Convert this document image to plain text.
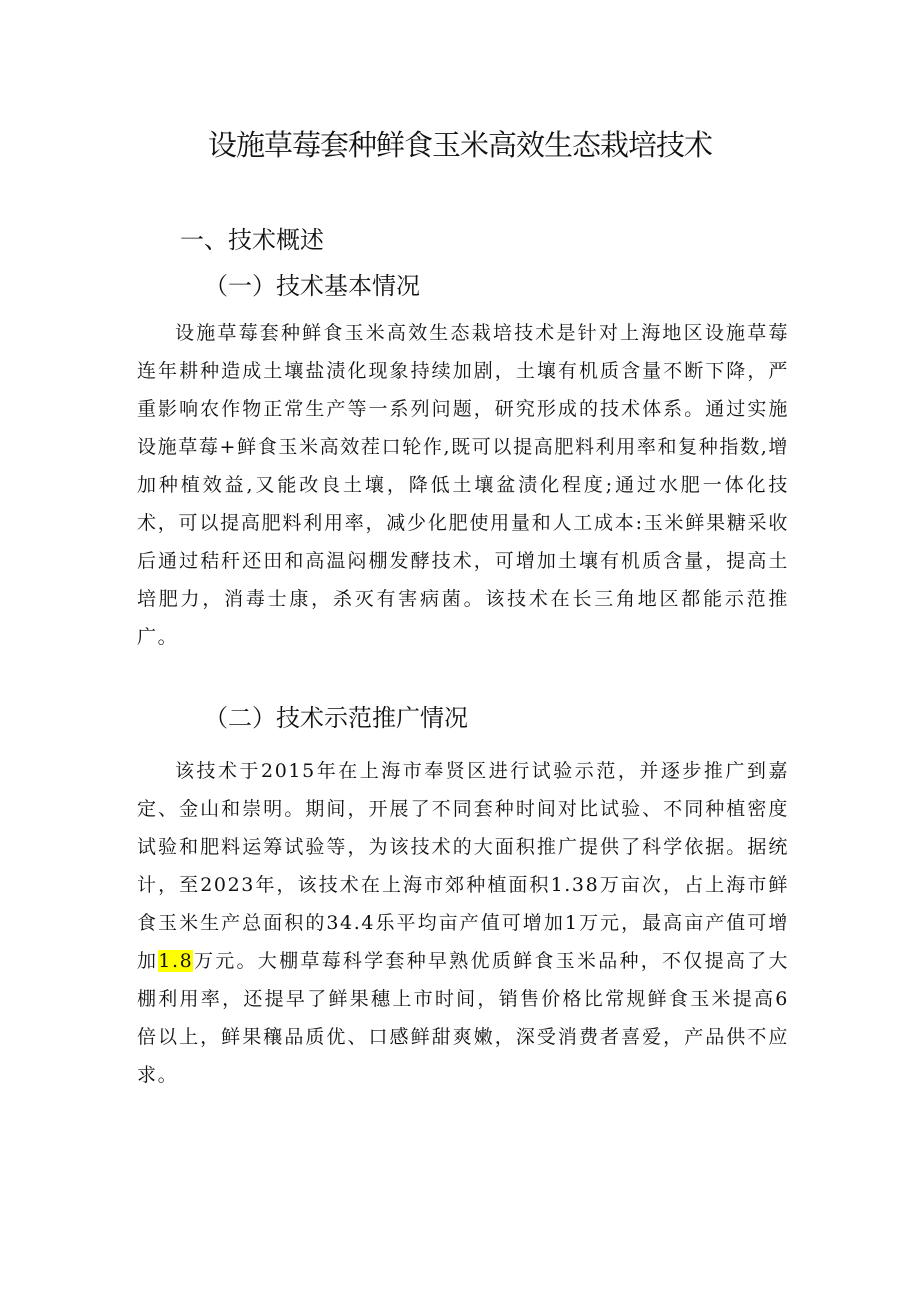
设施草莓套种鲜食玉米高效生态栽培技术
一、技术概述
（一）技术基本情况

设施草莓套种鲜食玉米高效生态栽培技术是针对上海地区设施草莓连年耕种造成土壤盐渍化现象持续加剧，土壤有机质含量不断下降，严重影响农作物正常生产等一系列问题，研究形成的技术体系。通过实施设施草莓+鲜食玉米高效茬口轮作,既可以提高肥料利用率和复种指数,增加种植效益,又能改良土壤，降低土壤盆渍化程度;通过水肥一体化技术，可以提高肥料利用率，减少化肥使用量和人工成本:玉米鲜果糖采收后通过秸秆还田和高温闷棚发酵技术，可增加土壤有机质含量，提高土培肥力，消毒士康，杀灭有害病菌。该技术在长三角地区都能示范推广。

（二）技术示范推广情况

该技术于2015年在上海市奉贤区进行试验示范，并逐步推广到嘉定、金山和崇明。期间，开展了不同套种时间对比试验、不同种植密度试验和肥料运筹试验等，为该技术的大面积推广提供了科学依据。据统计，至2023年，该技术在上海市郊种植面积1.38万亩次，占上海市鲜食玉米生产总面积的34.4乐平均亩产值可增加1万元，最高亩产值可增加1.8万元。大棚草莓科学套种早熟优质鲜食玉米品种，不仅提高了大棚利用率，还提早了鲜果穗上市时间，销售价格比常规鲜食玉米提高6倍以上，鲜果穰品质优、口感鲜甜爽嫩，深受消费者喜爱，产品供不应求。
